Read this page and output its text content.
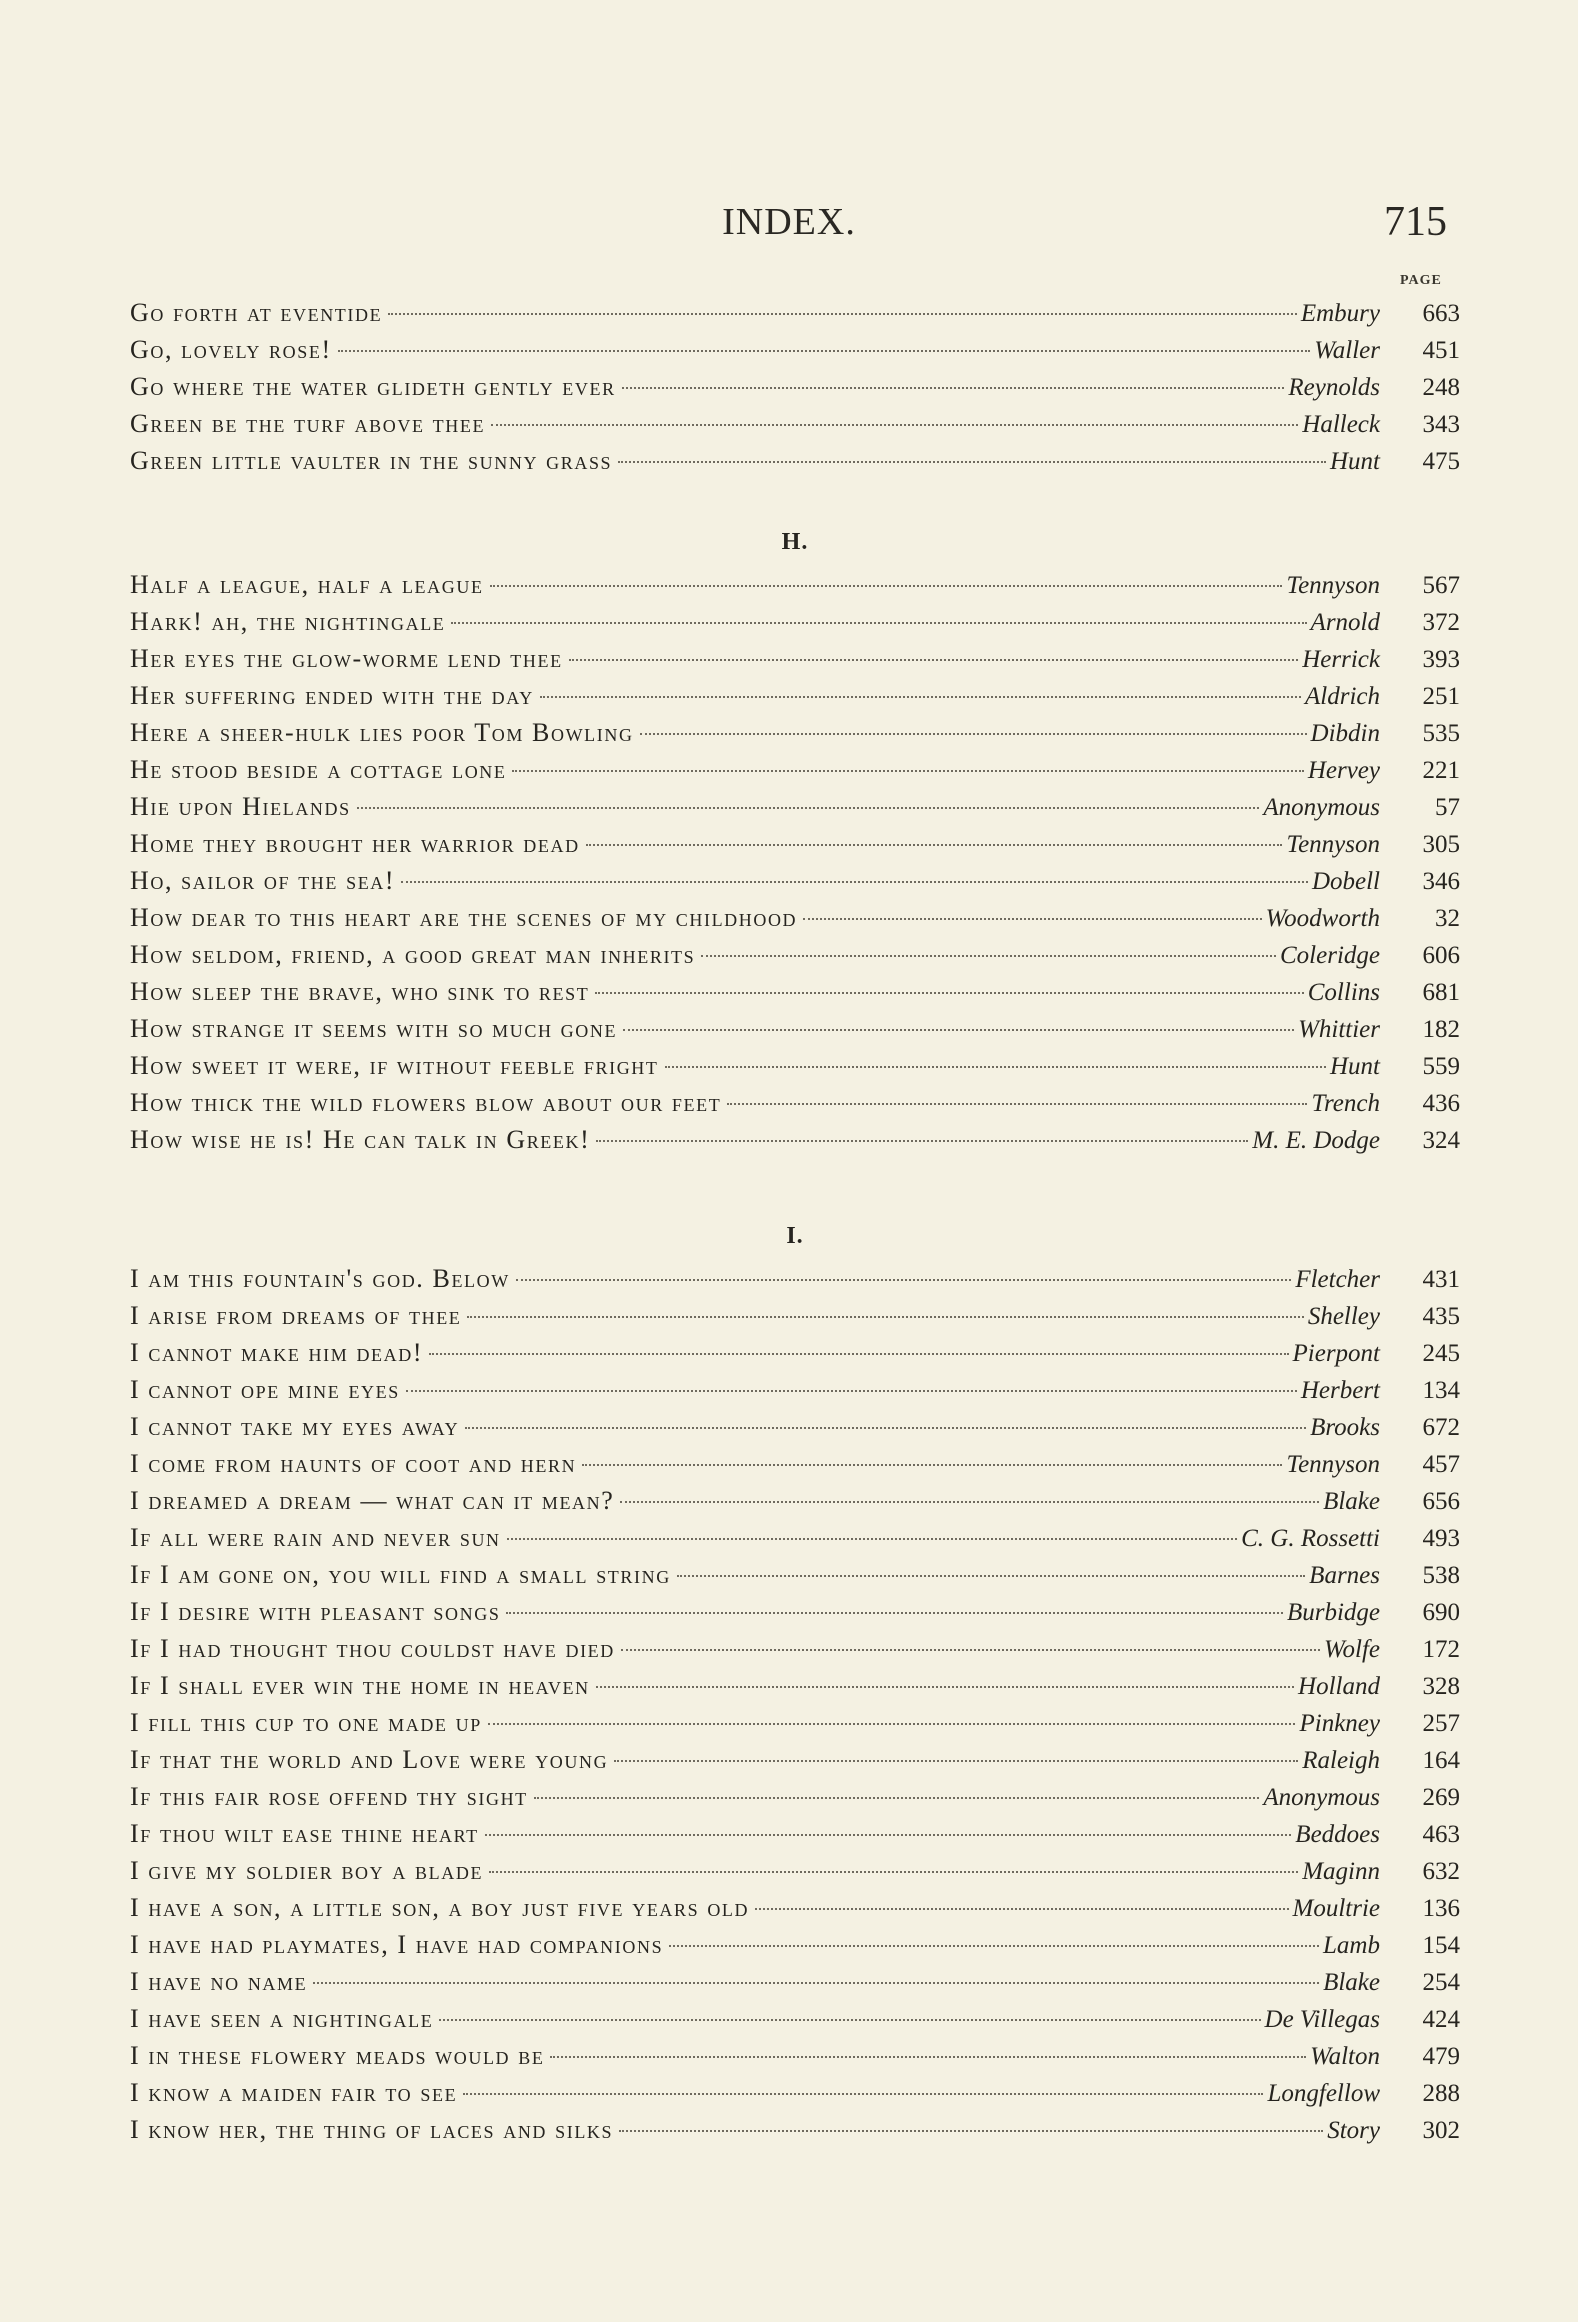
INDEX.	715
PAGE
Go forth at eventide	Embury	663
Go, lovely rose!	Waller	451
Go where the water glideth gently ever	Reynolds	248
Green be the turf above thee	Halleck	343
Green little vaulter in the sunny grass	Hunt	475
H.
Half a league, half a league	Tennyson	567
Hark! ah, the nightingale	Arnold	372
Her eyes the glow-worme lend thee	Herrick	393
Her suffering ended with the day	Aldrich	251
Here a sheer-hulk lies poor Tom Bowling	Dibdin	535
He stood beside a cottage lone	Hervey	221
Hie upon Hielands	Anonymous	57
Home they brought her warrior dead	Tennyson	305
Ho, sailor of the sea!	Dobell	346
How dear to this heart are the scenes of my childhood	Woodworth	32
How seldom, friend, a good great man inherits	Coleridge	606
How sleep the brave, who sink to rest	Collins	681
How strange it seems with so much gone	Whittier	182
How sweet it were, if without feeble fright	Hunt	559
How thick the wild flowers blow about our feet	Trench	436
How wise he is! He can talk in Greek!	M. E. Dodge	324
I.
I am this fountain's god. Below	Fletcher	431
I arise from dreams of thee	Shelley	435
I cannot make him dead!	Pierpont	245
I cannot ope mine eyes	Herbert	134
I cannot take my eyes away	Brooks	672
I come from haunts of coot and hern	Tennyson	457
I dreamed a dream — what can it mean?	Blake	656
If all were rain and never sun	C. G. Rossetti	493
If I am gone on, you will find a small string	Barnes	538
If I desire with pleasant songs	Burbidge	690
If I had thought thou couldst have died	Wolfe	172
If I shall ever win the home in heaven	Holland	328
I fill this cup to one made up	Pinkney	257
If that the world and Love were young	Raleigh	164
If this fair rose offend thy sight	Anonymous	269
If thou wilt ease thine heart	Beddoes	463
I give my soldier boy a blade	Maginn	632
I have a son, a little son, a boy just five years old	Moultrie	136
I have had playmates, I have had companions	Lamb	154
I have no name	Blake	254
I have seen a nightingale	De Villegas	424
I in these flowery meads would be	Walton	479
I know a maiden fair to see	Longfellow	288
I know her, the thing of laces and silks	Story	302
